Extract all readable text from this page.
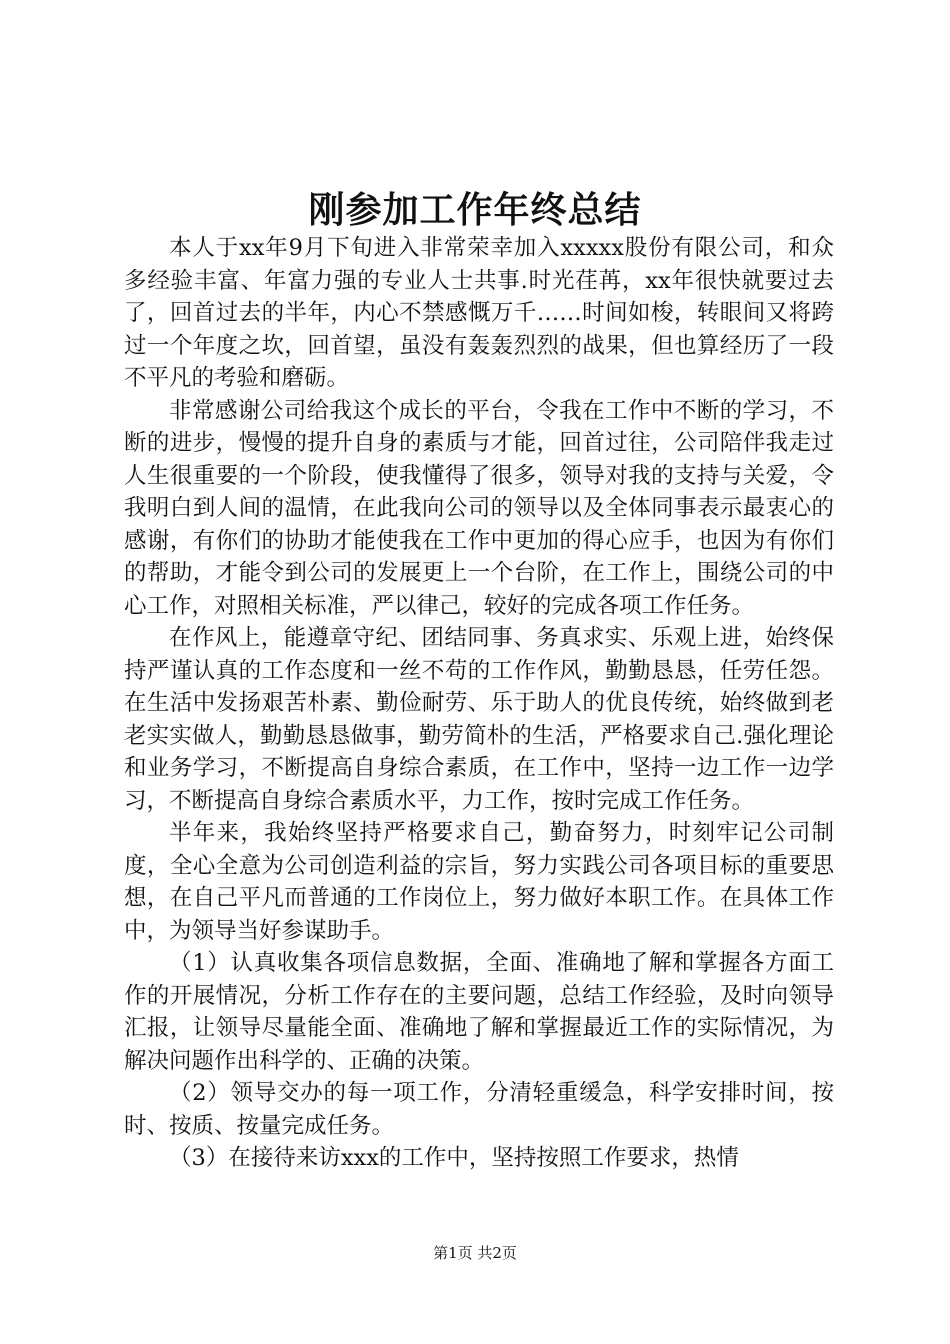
刚参加工作年终总结

本人于xx年9月下旬进入非常荣幸加入xxxxx股份有限公司，和众多经验丰富、年富力强的专业人士共事.时光荏苒，xx年很快就要过去了，回首过去的半年，内心不禁感慨万千……时间如梭，转眼间又将跨过一个年度之坎，回首望，虽没有轰轰烈烈的战果，但也算经历了一段不平凡的考验和磨砺。

非常感谢公司给我这个成长的平台，令我在工作中不断的学习，不断的进步，慢慢的提升自身的素质与才能，回首过往，公司陪伴我走过人生很重要的一个阶段，使我懂得了很多，领导对我的支持与关爱，令我明白到人间的温情，在此我向公司的领导以及全体同事表示最衷心的感谢，有你们的协助才能使我在工作中更加的得心应手，也因为有你们的帮助，才能令到公司的发展更上一个台阶，在工作上，围绕公司的中心工作，对照相关标准，严以律己，较好的完成各项工作任务。

在作风上，能遵章守纪、团结同事、务真求实、乐观上进，始终保持严谨认真的工作态度和一丝不苟的工作作风，勤勤恳恳，任劳任怨。在生活中发扬艰苦朴素、勤俭耐劳、乐于助人的优良传统，始终做到老老实实做人，勤勤恳恳做事，勤劳简朴的生活，严格要求自己.强化理论和业务学习，不断提高自身综合素质，在工作中，坚持一边工作一边学习，不断提高自身综合素质水平，力工作，按时完成工作任务。

半年来，我始终坚持严格要求自己，勤奋努力，时刻牢记公司制度，全心全意为公司创造利益的宗旨，努力实践公司各项目标的重要思想，在自己平凡而普通的工作岗位上，努力做好本职工作。在具体工作中，为领导当好参谋助手。

（1）认真收集各项信息数据，全面、准确地了解和掌握各方面工作的开展情况，分析工作存在的主要问题，总结工作经验，及时向领导汇报，让领导尽量能全面、准确地了解和掌握最近工作的实际情况，为解决问题作出科学的、正确的决策。

（2）领导交办的每一项工作，分清轻重缓急，科学安排时间，按时、按质、按量完成任务。

（3）在接待来访xxx的工作中，坚持按照工作要求，热情

第1页 共2页
